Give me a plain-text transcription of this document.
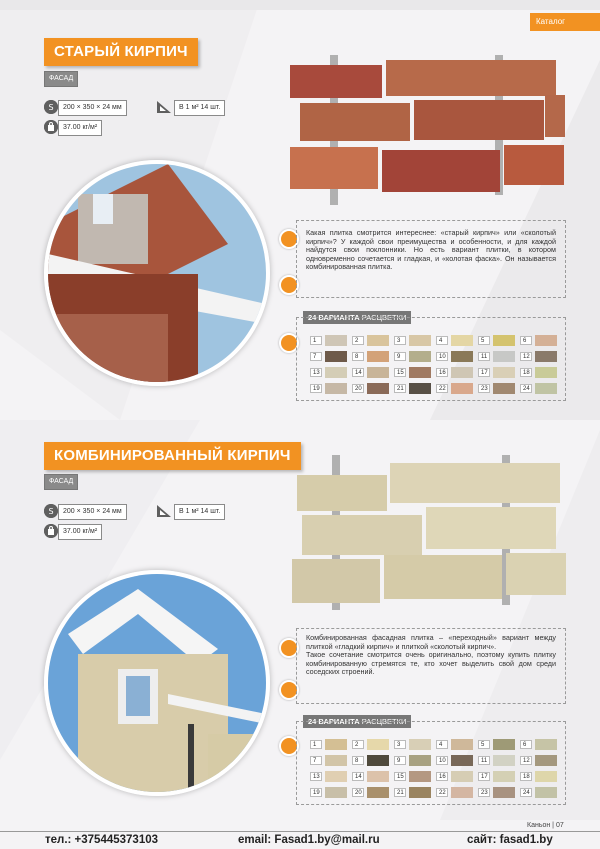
Каталог
СТАРЫЙ КИРПИЧ
ФАСАД
S	200 × 350 × 24 мм	В 1 м² 14 шт.
37.00 кг/м²
Какая плитка смотрится интереснее: «старый кирпич» или «сколотый кирпич»? У каждой свои преимущества и особенности, и для каждой найдутся свои поклонники. Но есть вариант плитки, в котором одновременно сочетается и гладкая, и «колотая фаска». Он называется комбинированная плитка.
24 ВАРИАНТА РАСЦВЕТКИ
1	2	3	4	5	6
7	8	9	10	11	12
13	14	15	16	17	18
19	20	21	22	23	24
КОМБИНИРОВАННЫЙ КИРПИЧ
ФАСАД
S	200 × 350 × 24 мм	В 1 м² 14 шт.
37.00 кг/м²
Комбинированная фасадная плитка – «переходный» вариант между плиткой «гладкий кирпич» и плиткой «сколотый кирпич».
Такое сочетание смотрится очень оригинально, поэтому купить плитку комбинированную стремятся те, кто хочет выделить свой дом среди соседских строений.
24 ВАРИАНТА РАСЦВЕТКИ
1	2	3	4	5	6
7	8	9	10	11	12
13	14	15	16	17	18
19	20	21	22	23	24
Каньон | 07
тел.: +375445373103	email: Fasad1.by@mail.ru	сайт: fasad1.by
